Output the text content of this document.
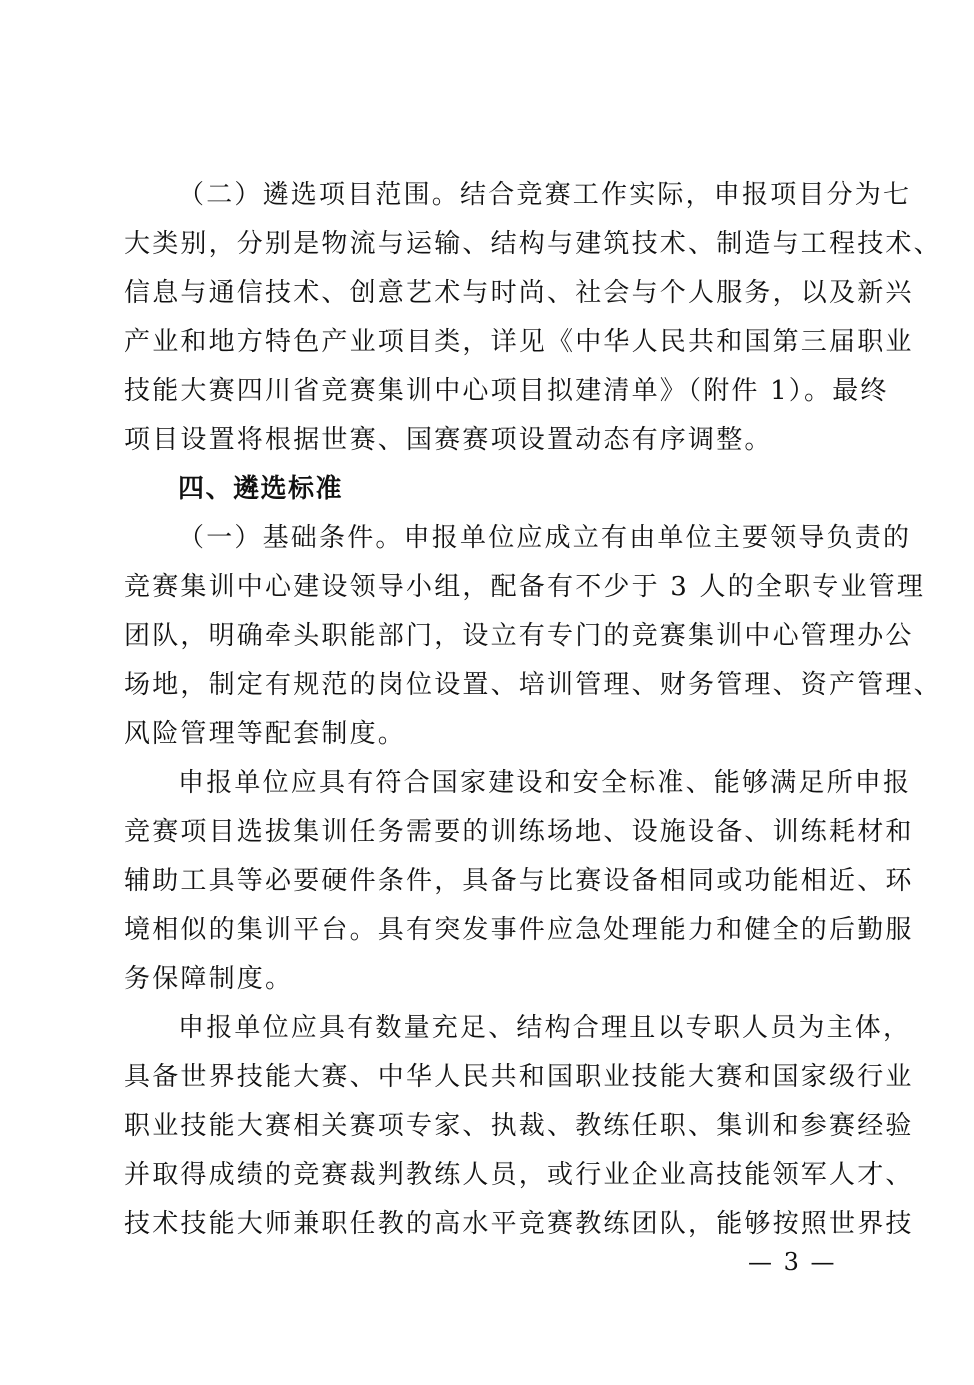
（二）遴选项目范围。结合竞赛工作实际，申报项目分为七
大类别，分别是物流与运输、结构与建筑技术、制造与工程技术、
信息与通信技术、创意艺术与时尚、社会与个人服务，以及新兴
产业和地方特色产业项目类，详见《中华人民共和国第三届职业
技能大赛四川省竞赛集训中心项目拟建清单》（附件 1）。最终
项目设置将根据世赛、国赛赛项设置动态有序调整。
四、遴选标准
（一）基础条件。申报单位应成立有由单位主要领导负责的
竞赛集训中心建设领导小组，配备有不少于 3 人的全职专业管理
团队，明确牵头职能部门，设立有专门的竞赛集训中心管理办公
场地，制定有规范的岗位设置、培训管理、财务管理、资产管理、
风险管理等配套制度。
申报单位应具有符合国家建设和安全标准、能够满足所申报
竞赛项目选拔集训任务需要的训练场地、设施设备、训练耗材和
辅助工具等必要硬件条件，具备与比赛设备相同或功能相近、环
境相似的集训平台。具有突发事件应急处理能力和健全的后勤服
务保障制度。
申报单位应具有数量充足、结构合理且以专职人员为主体，
具备世界技能大赛、中华人民共和国职业技能大赛和国家级行业
职业技能大赛相关赛项专家、执裁、教练任职、集训和参赛经验
并取得成绩的竞赛裁判教练人员，或行业企业高技能领军人才、
技术技能大师兼职任教的高水平竞赛教练团队，能够按照世界技
— 3 —
